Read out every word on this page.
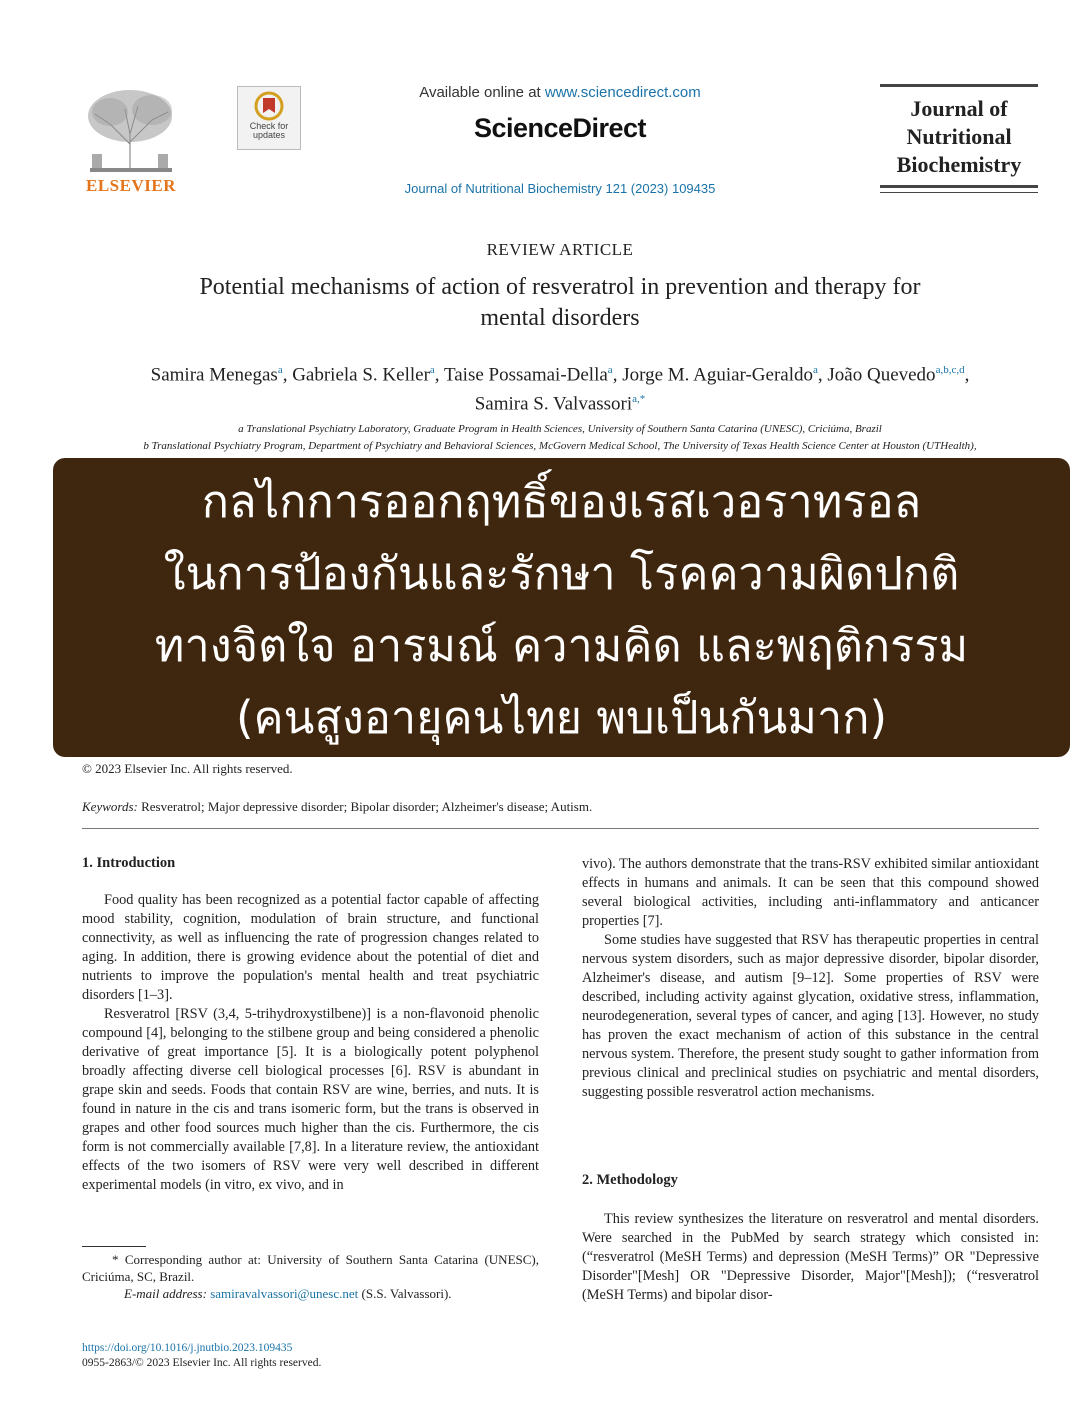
ELSEVIER
Check for updates
Available online at www.sciencedirect.com
ScienceDirect
Journal of Nutritional Biochemistry 121 (2023) 109435
Journal of
Nutritional
Biochemistry
REVIEW ARTICLE
Potential mechanisms of action of resveratrol in prevention and therapy for
mental disorders
Samira Menegas$^a$, Gabriela S. Keller$^a$, Taise Possamai-Della$^a$, Jorge M. Aguiar-Geraldo$^a$, João Quevedo$^{a,b,c,d}$,
Samira S. Valvassori$^{a,*}$
a Translational Psychiatry Laboratory, Graduate Program in Health Sciences, University of Southern Santa Catarina (UNESC), Criciúma, Brazil
b Translational Psychiatry Program, Department of Psychiatry and Behavioral Sciences, McGovern Medical School, The University of Texas Health Science Center at Houston (UTHealth),
กลไกการออกฤทธิ์ของเรสเวอราทรอล
ในการป้องกันและรักษา โรคความผิดปกติ
ทางจิตใจ อารมณ์ ความคิด และพฤติกรรม
(คนสูงอายุคนไทย พบเป็นกันมาก)
© 2023 Elsevier Inc. All rights reserved.
Keywords: Resveratrol; Major depressive disorder; Bipolar disorder; Alzheimer's disease; Autism.
1. Introduction

Food quality has been recognized as a potential factor capable of affecting mood stability, cognition, modulation of brain structure, and functional connectivity, as well as influencing the rate of progression changes related to aging. In addition, there is growing evidence about the potential of diet and nutrients to improve the population's mental health and treat psychiatric disorders [1–3].

Resveratrol [RSV (3,4, 5-trihydroxystilbene)] is a non-flavonoid phenolic compound [4], belonging to the stilbene group and being considered a phenolic derivative of great importance [5]. It is a biologically potent polyphenol broadly affecting diverse cell biological processes [6]. RSV is abundant in grape skin and seeds. Foods that contain RSV are wine, berries, and nuts. It is found in nature in the cis and trans isomeric form, but the trans is observed in grapes and other food sources much higher than the cis. Furthermore, the cis form is not commercially available [7,8]. In a literature review, the antioxidant effects of the two isomers of RSV were very well described in different experimental models (in vitro, ex vivo, and in

vivo). The authors demonstrate that the trans-RSV exhibited similar antioxidant effects in humans and animals. It can be seen that this compound showed several biological activities, including anti-inflammatory and anticancer properties [7].

Some studies have suggested that RSV has therapeutic properties in central nervous system disorders, such as major depressive disorder, bipolar disorder, Alzheimer's disease, and autism [9–12]. Some properties of RSV were described, including activity against glycation, oxidative stress, inflammation, neurodegeneration, several types of cancer, and aging [13]. However, no study has proven the exact mechanism of action of this substance in the central nervous system. Therefore, the present study sought to gather information from previous clinical and preclinical studies on psychiatric and mental disorders, suggesting possible resveratrol action mechanisms.

2. Methodology

This review synthesizes the literature on resveratrol and mental disorders. Were searched in the PubMed by search strategy which consisted in: (“resveratrol (MeSH Terms) and depression (MeSH Terms)” OR "Depressive Disorder"[Mesh] OR "Depressive Disorder, Major"[Mesh]); (“resveratrol (MeSH Terms) and bipolar disor-

* Corresponding author at: University of Southern Santa Catarina (UNESC), Criciúma, SC, Brazil.
E-mail address: samiravalvassori@unesc.net (S.S. Valvassori).
https://doi.org/10.1016/j.jnutbio.2023.109435
0955-2863/© 2023 Elsevier Inc. All rights reserved.
